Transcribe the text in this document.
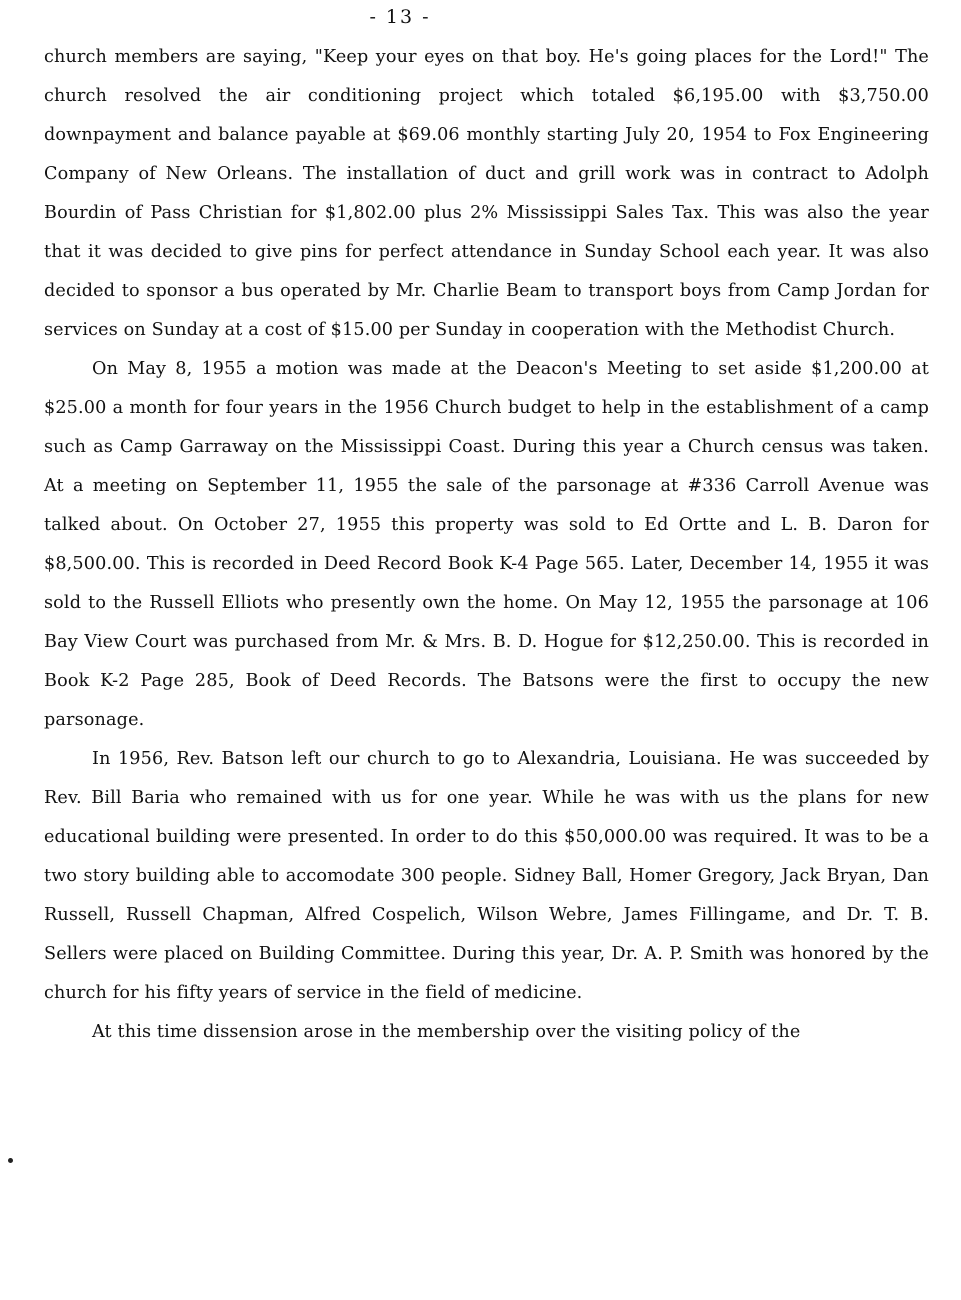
- 13 -

church members are saying, "Keep your eyes on that boy. He's going places for the Lord!" The church resolved the air conditioning project which totaled $6,195.00 with $3,750.00 downpayment and balance payable at $69.06 monthly starting July 20, 1954 to Fox Engineering Company of New Orleans. The installation of duct and grill work was in contract to Adolph Bourdin of Pass Christian for $1,802.00 plus 2% Mississippi Sales Tax. This was also the year that it was decided to give pins for perfect attendance in Sunday School each year. It was also decided to sponsor a bus operated by Mr. Charlie Beam to transport boys from Camp Jordan for services on Sunday at a cost of $15.00 per Sunday in cooperation with the Methodist Church.

On May 8, 1955 a motion was made at the Deacon's Meeting to set aside $1,200.00 at $25.00 a month for four years in the 1956 Church budget to help in the establishment of a camp such as Camp Garraway on the Mississippi Coast. During this year a Church census was taken. At a meeting on September 11, 1955 the sale of the parsonage at #336 Carroll Avenue was talked about. On October 27, 1955 this property was sold to Ed Ortte and L. B. Daron for $8,500.00. This is recorded in Deed Record Book K-4 Page 565. Later, December 14, 1955 it was sold to the Russell Elliots who presently own the home. On May 12, 1955 the parsonage at 106 Bay View Court was purchased from Mr. & Mrs. B. D. Hogue for $12,250.00. This is recorded in Book K-2 Page 285, Book of Deed Records. The Batsons were the first to occupy the new parsonage.

In 1956, Rev. Batson left our church to go to Alexandria, Louisiana. He was succeeded by Rev. Bill Baria who remained with us for one year. While he was with us the plans for new educational building were presented. In order to do this $50,000.00 was required. It was to be a two story building able to accomodate 300 people. Sidney Ball, Homer Gregory, Jack Bryan, Dan Russell, Russell Chapman, Alfred Cospelich, Wilson Webre, James Fillingame, and Dr. T. B. Sellers were placed on Building Committee. During this year, Dr. A. P. Smith was honored by the church for his fifty years of service in the field of medicine.

At this time dissension arose in the membership over the visiting policy of the
